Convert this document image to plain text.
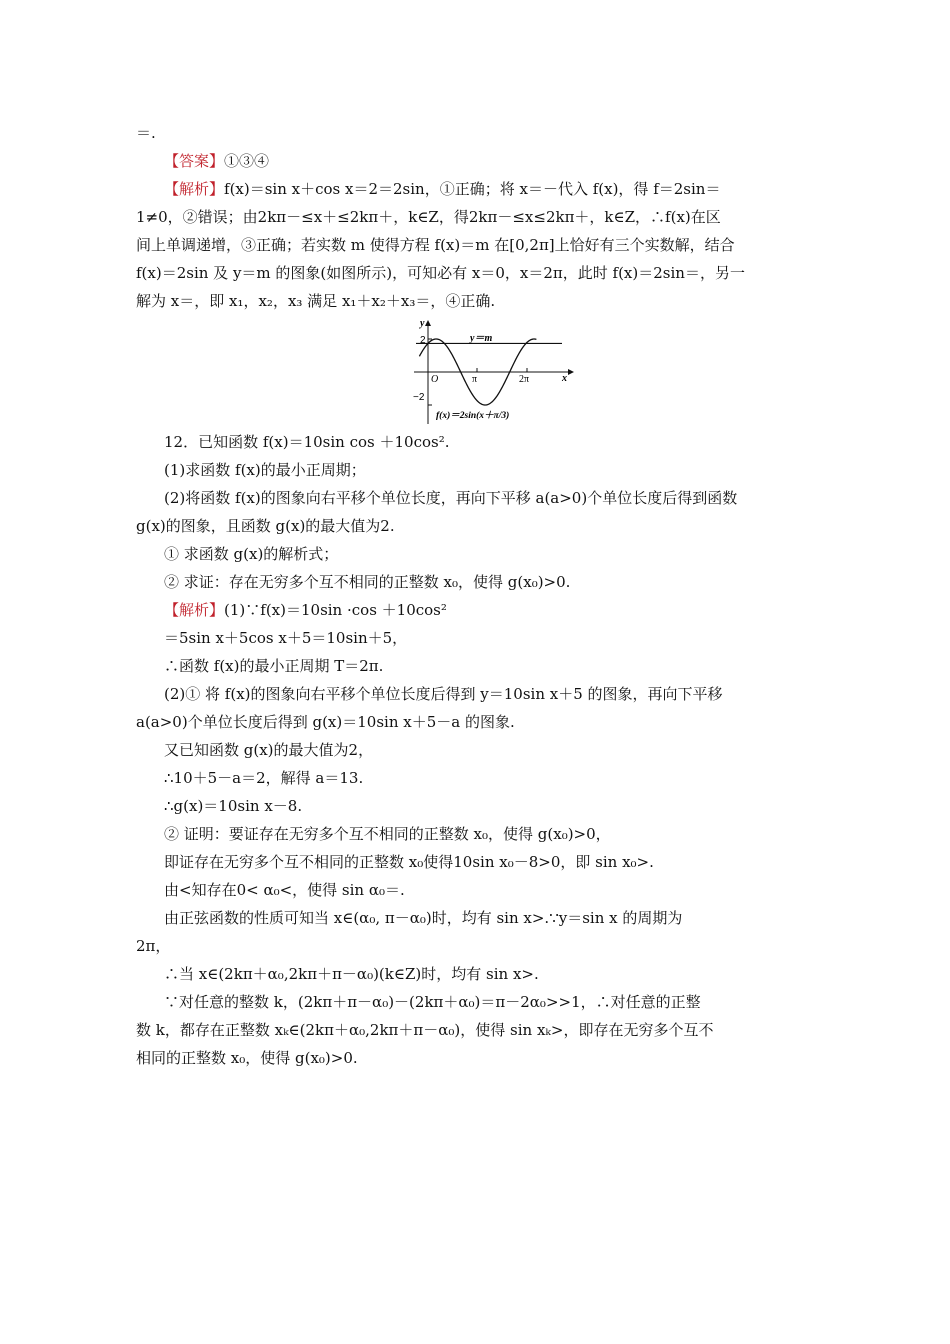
＝.
【答案】①③④
【解析】f(x)＝sin x＋cos x＝2＝2sin，①正确；将 x＝－代入 f(x)，得 f＝2sin＝
1≠0，②错误；由2kπ－≤x＋≤2kπ＋，k∈Z，得2kπ－≤x≤2kπ＋，k∈Z，∴f(x)在区
间上单调递增，③正确；若实数 m 使得方程 f(x)＝m 在[0,2π]上恰好有三个实数解，结合
f(x)＝2sin 及 y＝m 的图象(如图所示)，可知必有 x＝0，x＝2π，此时 f(x)＝2sin＝，另一
解为 x＝，即 x₁，x₂，x₃ 满足 x₁＋x₂＋x₃＝，④正确.
y
x
2
−2
O	π	2π
y＝m
f(x)＝2sin(x＋π/3)
12．已知函数 f(x)＝10sin cos ＋10cos².
(1)求函数 f(x)的最小正周期；
(2)将函数 f(x)的图象向右平移个单位长度，再向下平移 a(a>0)个单位长度后得到函数
g(x)的图象，且函数 g(x)的最大值为2.
① 求函数 g(x)的解析式；
② 求证：存在无穷多个互不相同的正整数 x₀，使得 g(x₀)>0.
【解析】(1)∵f(x)＝10sin ·cos ＋10cos²
＝5sin x＋5cos x＋5＝10sin＋5，
∴函数 f(x)的最小正周期 T＝2π.
(2)① 将 f(x)的图象向右平移个单位长度后得到 y＝10sin x＋5 的图象，再向下平移
a(a>0)个单位长度后得到 g(x)＝10sin x＋5－a 的图象.
又已知函数 g(x)的最大值为2，
∴10＋5－a＝2，解得 a＝13.
∴g(x)＝10sin x－8.
② 证明：要证存在无穷多个互不相同的正整数 x₀，使得 g(x₀)>0，
即证存在无穷多个互不相同的正整数 x₀使得10sin x₀－8>0，即 sin x₀>.
由<知存在0< α₀<，使得 sin α₀＝.
由正弦函数的性质可知当 x∈(α₀, π－α₀)时，均有 sin x>.∵y＝sin x 的周期为
2π，
∴当 x∈(2kπ＋α₀,2kπ＋π－α₀)(k∈Z)时，均有 sin x>.
∵对任意的整数 k，(2kπ＋π－α₀)－(2kπ＋α₀)＝π－2α₀>>1，∴对任意的正整
数 k，都存在正整数 xₖ∈(2kπ＋α₀,2kπ＋π－α₀)，使得 sin xₖ>，即存在无穷多个互不
相同的正整数 x₀，使得 g(x₀)>0.
